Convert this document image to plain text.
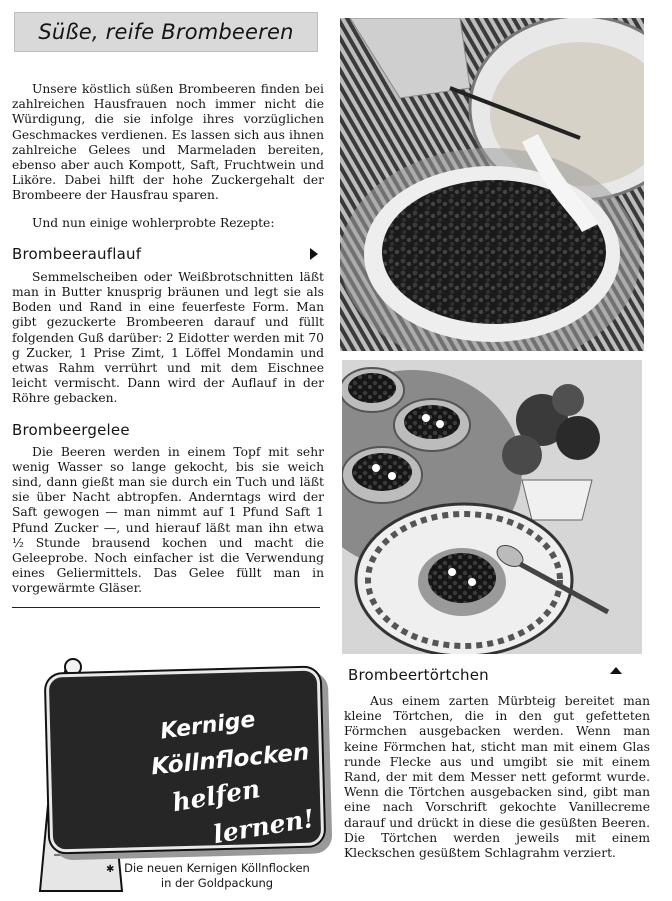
Süße, reife Brombeeren

Unsere köstlich süßen Brombeeren finden bei zahlreichen Hausfrauen noch immer nicht die Würdigung, die sie infolge ihres vorzüglichen Geschmackes verdienen. Es lassen sich aus ihnen zahlreiche Gelees und Marmeladen bereiten, ebenso aber auch Kompott, Saft, Fruchtwein und Liköre. Dabei hilft der hohe Zuckergehalt der Brombeere der Hausfrau sparen.

Und nun einige wohlerprobte Rezepte:

Brombeerauflauf

Semmelscheiben oder Weißbrotschnitten läßt man in Butter knusprig bräunen und legt sie als Boden und Rand in eine feuerfeste Form. Man gibt gezuckerte Brombeeren darauf und füllt folgenden Guß darüber: 2 Eidotter werden mit 70 g Zucker, 1 Prise Zimt, 1 Löffel Mondamin und etwas Rahm verrührt und mit dem Eischnee leicht vermischt. Dann wird der Auflauf in der Röhre gebacken.

Brombeergelee

Die Beeren werden in einem Topf mit sehr wenig Wasser so lange gekocht, bis sie weich sind, dann gießt man sie durch ein Tuch und läßt sie über Nacht abtropfen. Anderntags wird der Saft gewogen — man nimmt auf 1 Pfund Saft 1 Pfund Zucker —, und hierauf läßt man ihn etwa ½ Stunde brausend kochen und macht die Geleeprobe. Noch einfacher ist die Verwendung eines Geliermittels. Das Gelee füllt man in vorgewärmte Gläser.

Kernige
Köllnflocken
helfen
lernen!
✱ Die neuen Kernigen Köllnflocken
in der Goldpackung
Brombeertörtchen

Aus einem zarten Mürbteig bereitet man kleine Törtchen, die in den gut gefetteten Förmchen ausgebacken werden. Wenn man keine Förmchen hat, sticht man mit einem Glas runde Flecke aus und umgibt sie mit einem Rand, der mit dem Messer nett geformt wurde. Wenn die Törtchen ausgebacken sind, gibt man eine nach Vorschrift gekochte Vanillecreme darauf und drückt in diese die gesüßten Beeren. Die Törtchen werden jeweils mit einem Kleckschen gesüßtem Schlagrahm verziert.
